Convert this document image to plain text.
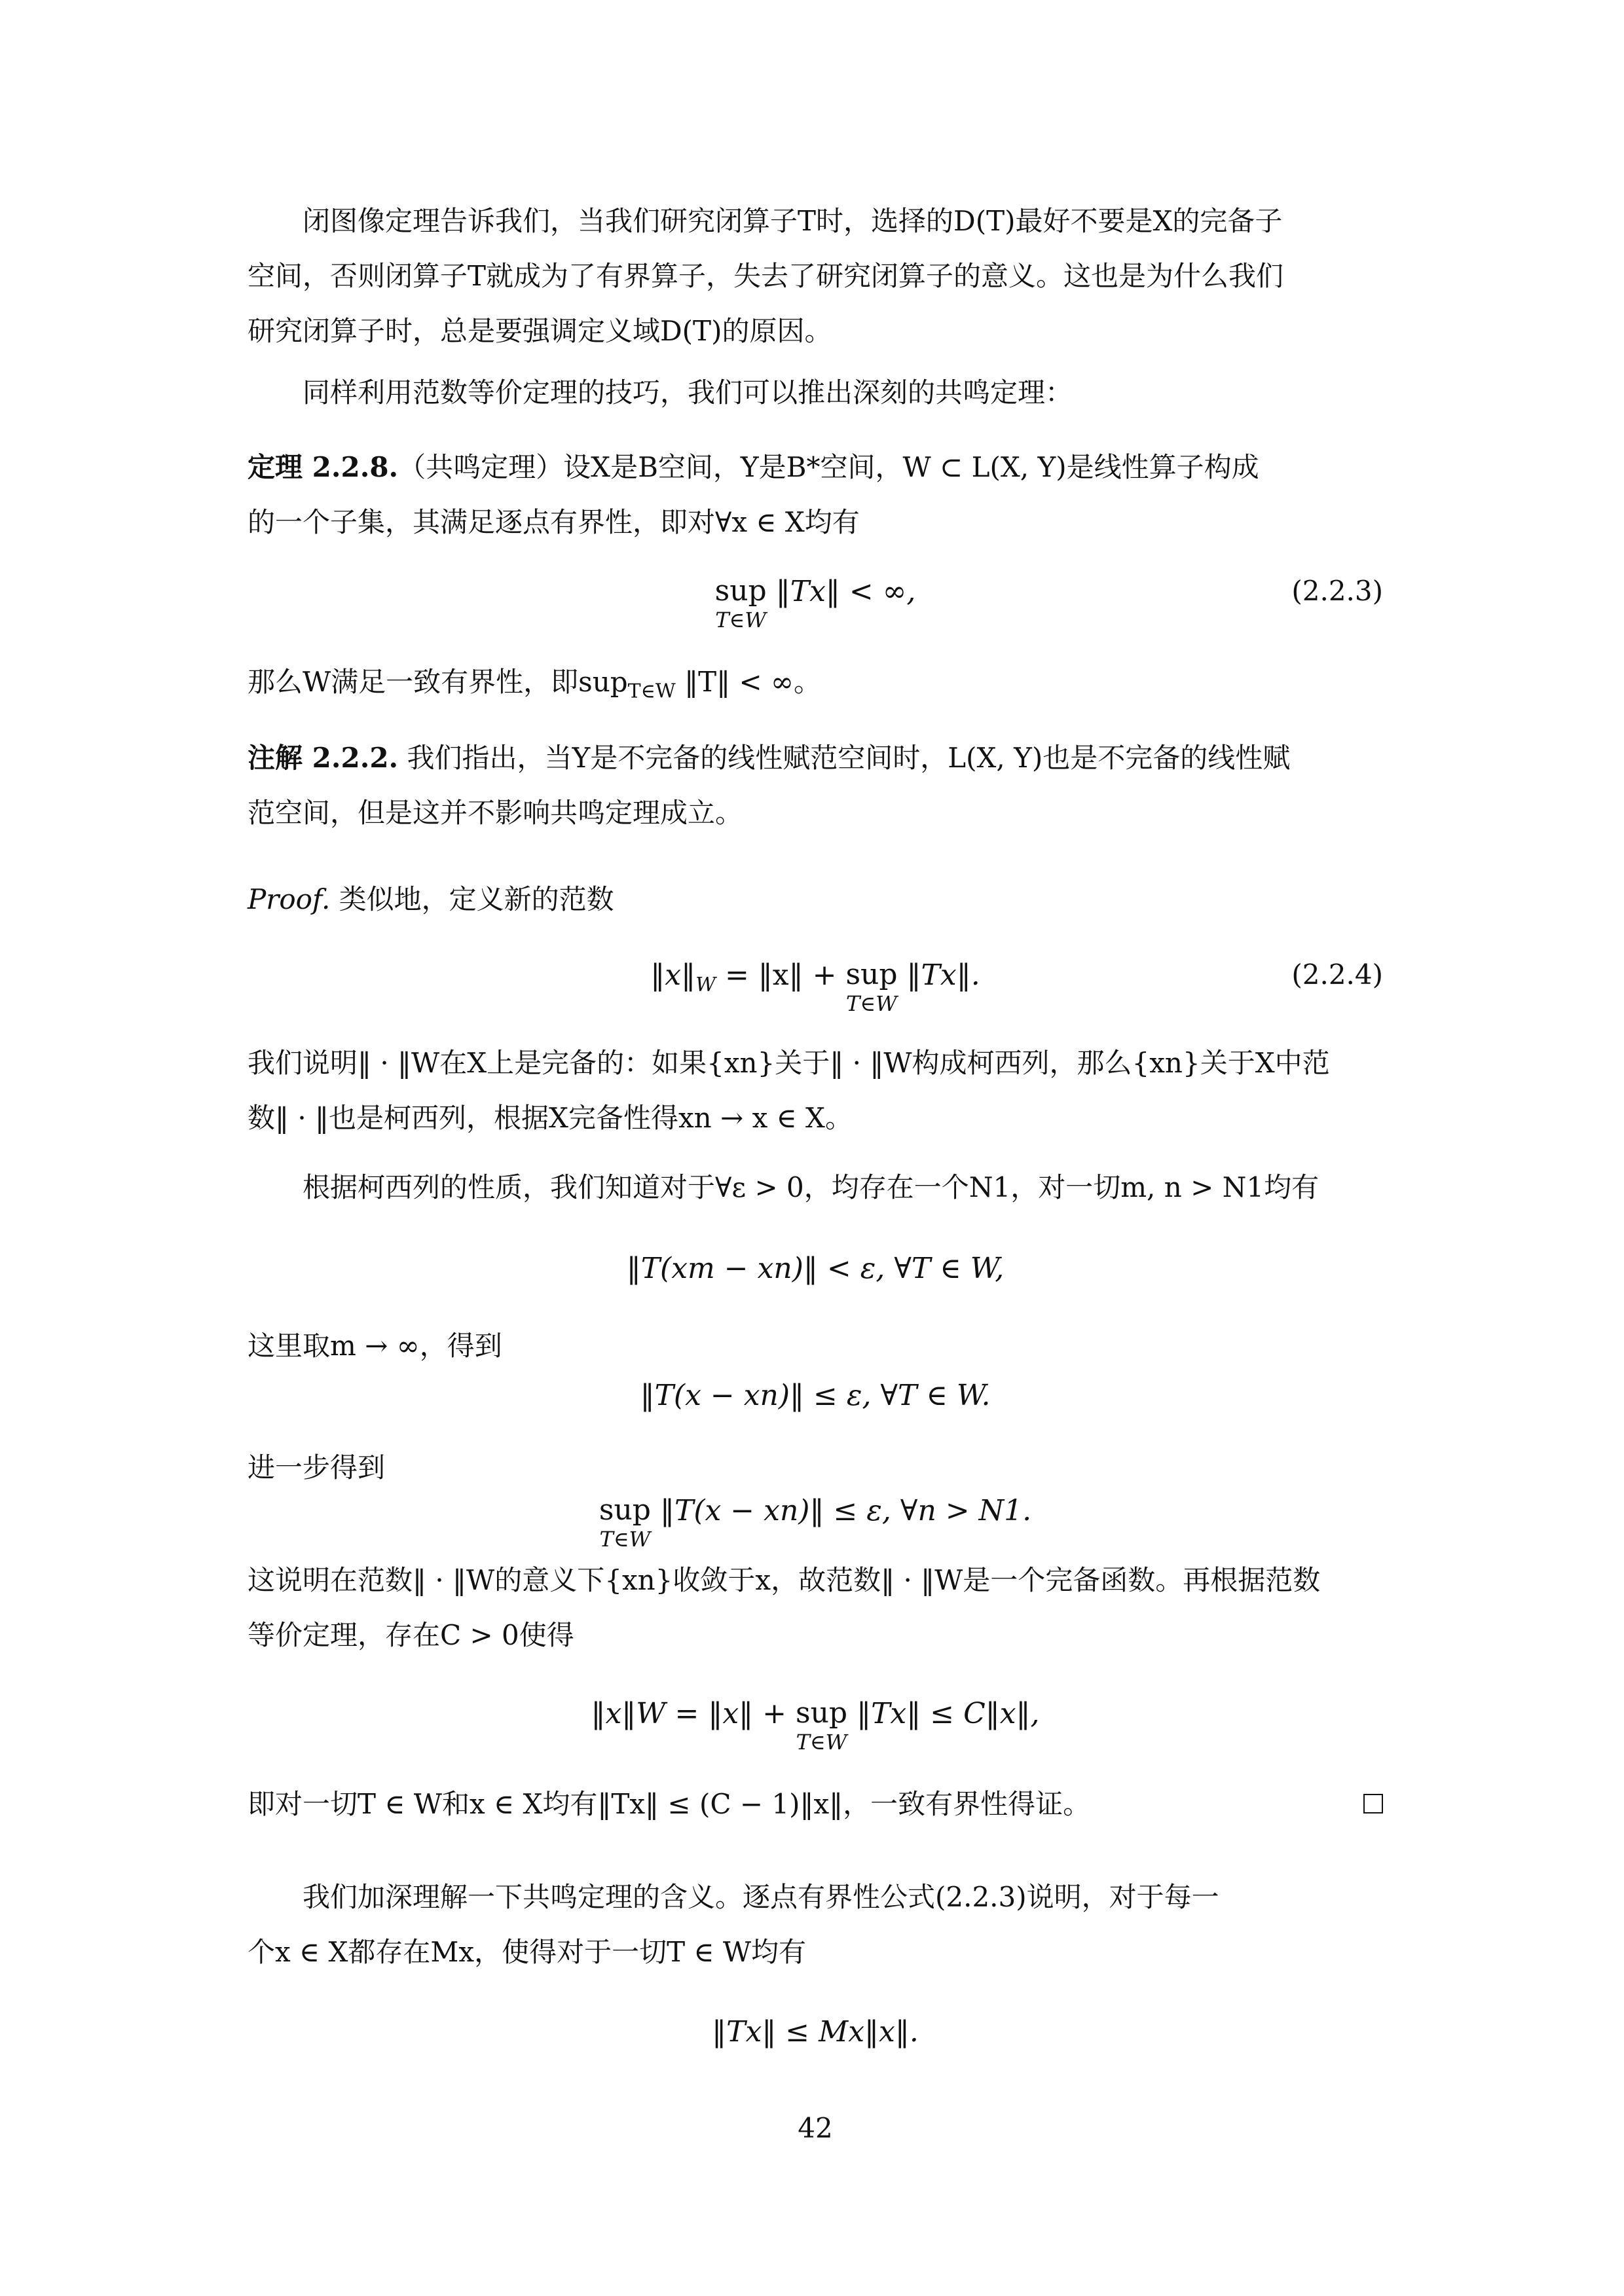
闭图像定理告诉我们，当我们研究闭算子T时，选择的D(T)最好不要是X的完备子
空间，否则闭算子T就成为了有界算子，失去了研究闭算子的意义。这也是为什么我们
研究闭算子时，总是要强调定义域D(T)的原因。
同样利用范数等价定理的技巧，我们可以推出深刻的共鸣定理：
定理 2.2.8.（共鸣定理）设X是B空间，Y是B*空间，W ⊂ L(X, Y)是线性算子构成
的一个子集，其满足逐点有界性，即对∀x ∈ X均有
sup
T∈W
‖Tx‖ < ∞,	(2.2.3)
那么W满足一致有界性，即sup$_{T\in W}$ ‖T‖ < ∞。
注解 2.2.2. 我们指出，当Y是不完备的线性赋范空间时，L(X, Y)也是不完备的线性赋
范空间，但是这并不影响共鸣定理成立。
Proof. 类似地，定义新的范数
$‖x‖_W$ = ‖x‖ + sup
T∈W
‖Tx‖.	(2.2.4)
我们说明‖ · ‖W在X上是完备的：如果{xn}关于‖ · ‖W构成柯西列，那么{xn}关于X中范
数‖ · ‖也是柯西列，根据X完备性得xn → x ∈ X。
根据柯西列的性质，我们知道对于∀ε > 0，均存在一个N1，对一切m, n > N1均有
‖T(xm − xn)‖ < ε, ∀T ∈ W,
这里取m → ∞，得到
‖T(x − xn)‖ ≤ ε, ∀T ∈ W.
进一步得到
sup
T∈W
‖T(x − xn)‖ ≤ ε, ∀n > N1.
这说明在范数‖ · ‖W的意义下{xn}收敛于x，故范数‖ · ‖W是一个完备函数。再根据范数
等价定理，存在C > 0使得
‖x‖W = ‖x‖ + sup
T∈W
‖Tx‖ ≤ C‖x‖,
即对一切T ∈ W和x ∈ X均有‖Tx‖ ≤ (C − 1)‖x‖，一致有界性得证。
我们加深理解一下共鸣定理的含义。逐点有界性公式(2.2.3)说明，对于每一
个x ∈ X都存在Mx，使得对于一切T ∈ W均有
‖Tx‖ ≤ Mx‖x‖.
42
